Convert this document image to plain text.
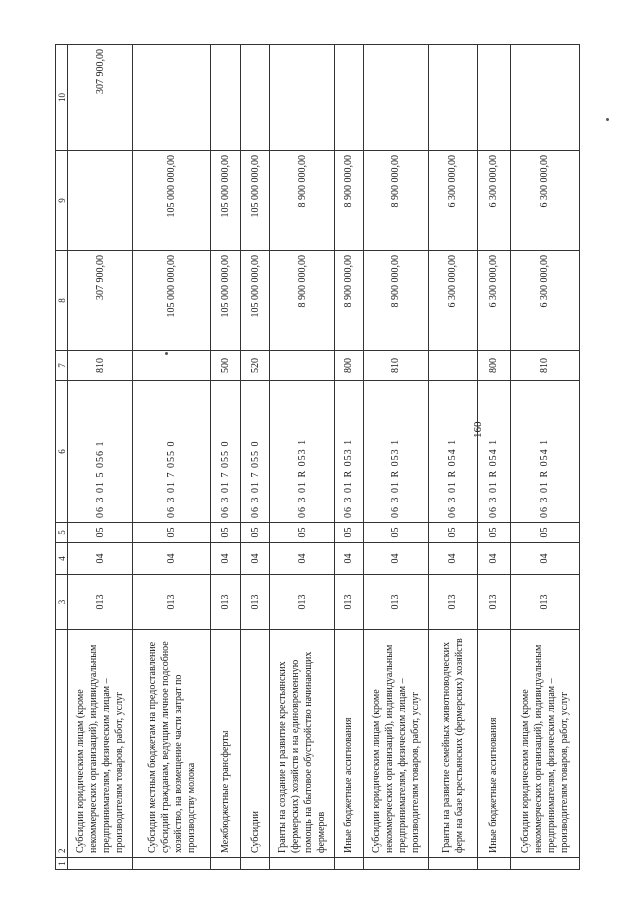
160
1	2	3	4	5	6	7	8	9	10
	Субсидии юридическим лицам (кроме некоммерческих организаций), индивидуальным предпринимателям, физическим лицам – производителям товаров, работ, услуг	013	04	05	06 3 01 5 056 1	810	307 900,00		307 900,00
	Субсидии местным бюджетам на предоставление субсидий гражданам, ведущим личное подсобное хозяйство, на возмещение части затрат по производству молока	013	04	05	06 3 01 7 055 0		105 000 000,00	105 000 000,00	
	Межбюджетные трансферты	013	04	05	06 3 01 7 055 0	500	105 000 000,00	105 000 000,00	
	Субсидии	013	04	05	06 3 01 7 055 0	520	105 000 000,00	105 000 000,00	
	Гранты на создание и развитие крестьянских (фермерских) хозяйств и на единовременную помощь на бытовое обустройство начинающих фермеров	013	04	05	06 3 01 R 053 1		8 900 000,00	8 900 000,00	
	Иные бюджетные ассигнования	013	04	05	06 3 01 R 053 1	800	8 900 000,00	8 900 000,00	
	Субсидии юридическим лицам (кроме некоммерческих организаций), индивидуальным предпринимателям, физическим лицам – производителям товаров, работ, услуг	013	04	05	06 3 01 R 053 1	810	8 900 000,00	8 900 000,00	
	Гранты на развитие семейных животноводческих ферм на базе крестьянских (фермерских) хозяйств	013	04	05	06 3 01 R 054 1		6 300 000,00	6 300 000,00	
	Иные бюджетные ассигнования	013	04	05	06 3 01 R 054 1	800	6 300 000,00	6 300 000,00	
	Субсидии юридическим лицам (кроме некоммерческих организаций), индивидуальным предпринимателям, физическим лицам – производителям товаров, работ, услуг	013	04	05	06 3 01 R 054 1	810	6 300 000,00	6 300 000,00	
